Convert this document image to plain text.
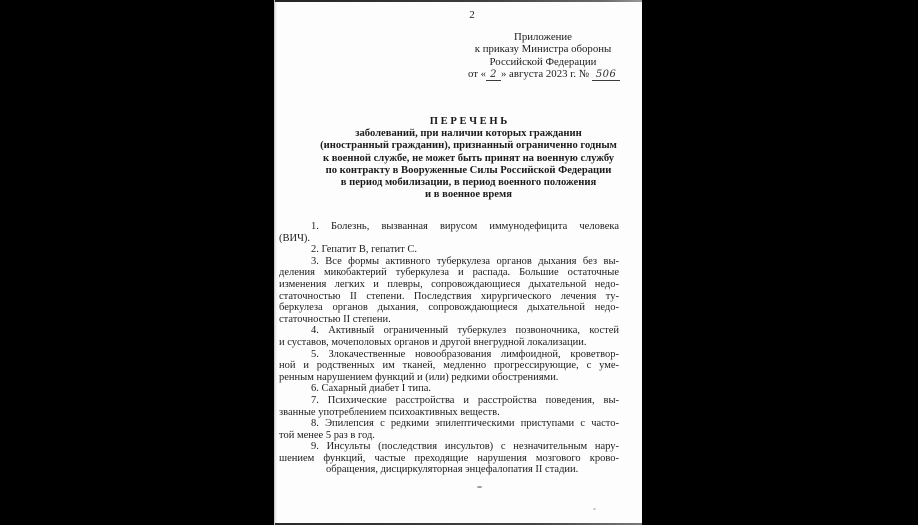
2
Приложение
к приказу Министра обороны
Российской Федерации
от « 2 » августа 2023 г. № 506
П Е Р Е Ч Е Н Ь
заболеваний, при наличии которых гражданин
(иностранный гражданин), признанный ограниченно годным
к военной службе, не может быть принят на военную службу
по контракту в Вооруженные Силы Российской Федерации
в период мобилизации, в период военного положения
и в военное время
1. Болезнь, вызванная вирусом иммунодефицита человека
(ВИЧ).
2. Гепатит B, гепатит C.
3. Все формы активного туберкулеза органов дыхания без вы-
деления микобактерий туберкулеза и распада. Большие остаточные
изменения легких и плевры, сопровождающиеся дыхательной недо-
статочностью II степени. Последствия хирургического лечения ту-
беркулеза органов дыхания, сопровождающиеся дыхательной недо-
статочностью II степени.
4. Активный ограниченный туберкулез позвоночника, костей
и суставов, мочеполовых органов и другой внегрудной локализации.
5. Злокачественные новообразования лимфоидной, кроветвор-
ной и родственных им тканей, медленно прогрессирующие, с уме-
ренным нарушением функций и (или) редкими обострениями.
6. Сахарный диабет I типа.
7. Психические расстройства и расстройства поведения, вы-
званные употреблением психоактивных веществ.
8. Эпилепсия с редкими эпилептическими приступами с часто-
той менее 5 раз в год.
9. Инсульты (последствия инсультов) с незначительным нару-
шением функций, частые преходящие нарушения мозгового крово-
обращения, дисциркуляторная энцефалопатия II стадии.
